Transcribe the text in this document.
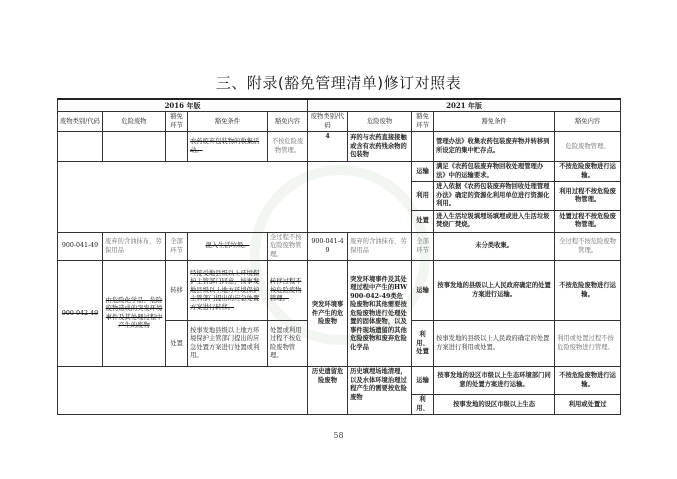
三、附录(豁免管理清单)修订对照表
2016 年版					2021 年版				
废物类别/代码	危险废物	豁免环节	豁免条件	豁免内容	废物类别/代码	危险废物	豁免环节	豁免条件	豁免内容
			农药废弃包装物的收集活动。	不按危险废物管理。	4	弃的与农药直接接触或含有农药残余物的包装物		管理办法》收集农药包装废弃物并转移到所设定的集中贮存点。	危险废物管理。
							运输	满足《农药包装废弃物回收处理管理办法》中的运输要求。	不按危险废物进行运输。
							利用	进入依据《农药包装废弃物回收处理管理办法》确定的资源化利用单位进行资源化利用。	利用过程不按危险废物管理。
							处置	进入生活垃圾填埋场填埋或进入生活垃圾焚烧厂焚烧。	处置过程不按危险废物管理。
900-041-49	废弃的含油抹布、劳保用品	全部环节	混入生活垃圾。	全过程不按危险废物管理。	900-041-49	废弃的含油抹布、劳保用品	全部环节	未分类收集。	全过程不按危险废物管理。
900-042-49	由危险化学品、危险废物造成的突发环境事件及其处理过程中产生的废物	转移	经接受地县级以上环境保护主管部门同意，按事发地县级以上地方环境保护主管部门提出的应急处置方案进行转移。	转移过程不按危险废物管理。	突发环境事件产生的危险废物	突发环境事件及其处理过程中产生的HW900-042-49类危险废物和其他需要按危险废物进行处理处置的固体废物，以及事件现场遗留的其他危险废物和废弃危险化学品	运输	按事发地的县级以上人民政府确定的处置方案进行运输。	不按危险废物进行运输。
		处置	按事发地县级以上地方环境保护主管部门提出的应急处置方案进行处置或利用。	处置或利用过程不按危险废物管理。			利用、处置	按事发地的县级以上人民政府确定的处置方案进行利用或处置。	利用或处置过程不按危险废物进行管理。
					历史遗留危险废物	历史填埋场地清理，以及水体环境治理过程产生的需要按危险废物	运输	按事发地的设区市级以上生态环境部门同意的处置方案进行运输。	不按危险废物进行运输。
							利用、	按事发地的设区市级以上生态	利用或处置过
58
